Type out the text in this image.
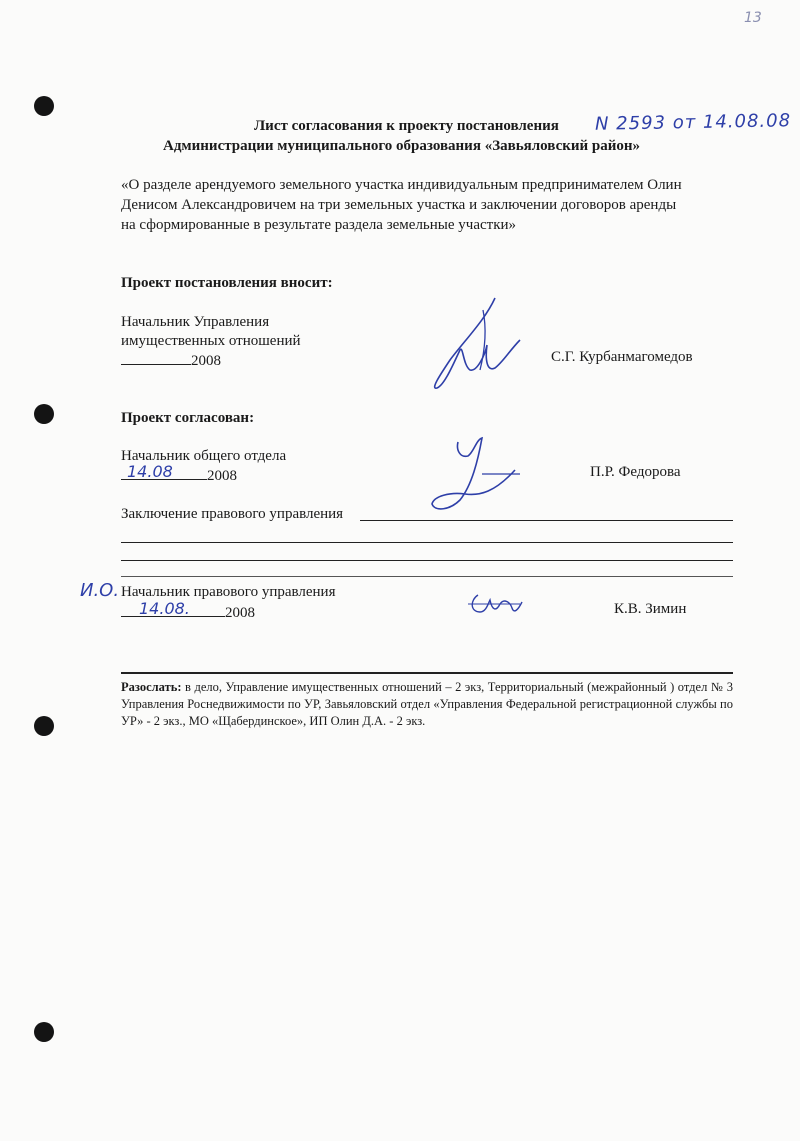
13
Лист согласования к проекту постановления N 2593 от 14.08.08
Администрации муниципального образования «Завьяловский район»
«О разделе арендуемого земельного участка индивидуальным предпринимателем Олин
Денисом Александровичем на три земельных участка и заключении договоров аренды
на сформированные в результате раздела земельные участки»
Проект постановления вносит:
Начальник Управления
имущественных отношений
2008	С.Г. Курбанмагомедов
Проект согласован:
Начальник общего отдела
14.08 2008	П.Р. Федорова
Заключение правового управления
И.О. Начальник правового управления
14.08. 2008	К.В. Зимин
Разослать: в дело, Управление имущественных отношений – 2 экз, Территориальный (межрайонный ) отдел № 3 Управления Роснедвижимости по УР, Завьяловский отдел «Управления Федеральной регистрационной службы по УР» - 2 экз., МО «Щабердинское», ИП Олин Д.А. - 2 экз.
